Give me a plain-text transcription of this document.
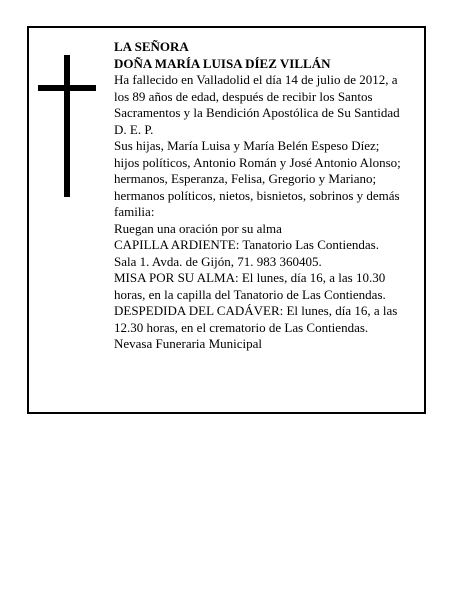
LA SEÑORA
DOÑA MARÍA LUISA DÍEZ VILLÁN
Ha fallecido en Valladolid el día 14 de julio de 2012, a
los 89 años de edad, después de recibir los Santos
Sacramentos y la Bendición Apostólica de Su Santidad
D. E. P.
Sus hijas, María Luisa y María Belén Espeso Díez;
hijos políticos, Antonio Román y José Antonio Alonso;
hermanos, Esperanza, Felisa, Gregorio y Mariano;
hermanos políticos, nietos, bisnietos, sobrinos y demás
familia:
Ruegan una oración por su alma
CAPILLA ARDIENTE: Tanatorio Las Contiendas.
Sala 1. Avda. de Gijón, 71. 983 360405.
MISA POR SU ALMA: El lunes, día 16, a las 10.30
horas, en la capilla del Tanatorio de Las Contiendas.
DESPEDIDA DEL CADÁVER: El lunes, día 16, a las
12.30 horas, en el crematorio de Las Contiendas.
Nevasa Funeraria Municipal
